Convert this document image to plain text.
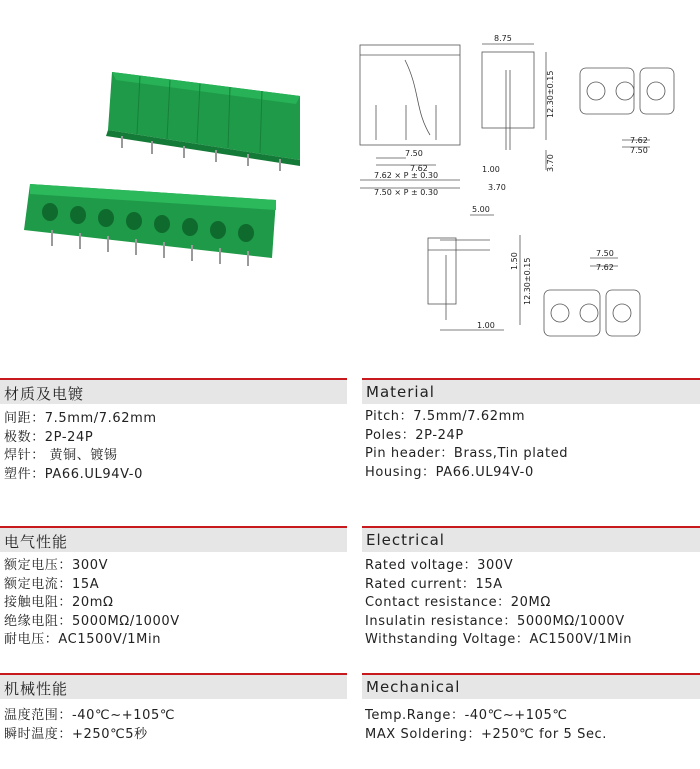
7.50
7.62
7.62 × P ± 0.30
7.50 × P ± 0.30
8.75
12.30±0.15
1.00	3.70
3.70
7.62
7.50
5.00
1.50 12.30±0.15
1.00
7.50
7.62
材质及电镀	Material
间距：7.5mm/7.62mm
极数：2P-24P
焊针： 黄铜、镀锡
塑件：PA66.UL94V-0
Pitch：7.5mm/7.62mm
Poles：2P-24P
Pin header：Brass,Tin plated
Housing：PA66.UL94V-0
电气性能	Electrical
额定电压：300V
额定电流：15A
接触电阻：20mΩ
绝缘电阻：5000MΩ/1000V
耐电压：AC1500V/1Min
Rated voltage：300V
Rated current：15A
Contact resistance：20MΩ
Insulatin resistance：5000MΩ/1000V
Withstanding Voltage：AC1500V/1Min
机械性能	Mechanical
温度范围：-40℃~+105℃
瞬时温度：+250℃5秒
Temp.Range：-40℃~+105℃
MAX Soldering：+250℃ for 5 Sec.
